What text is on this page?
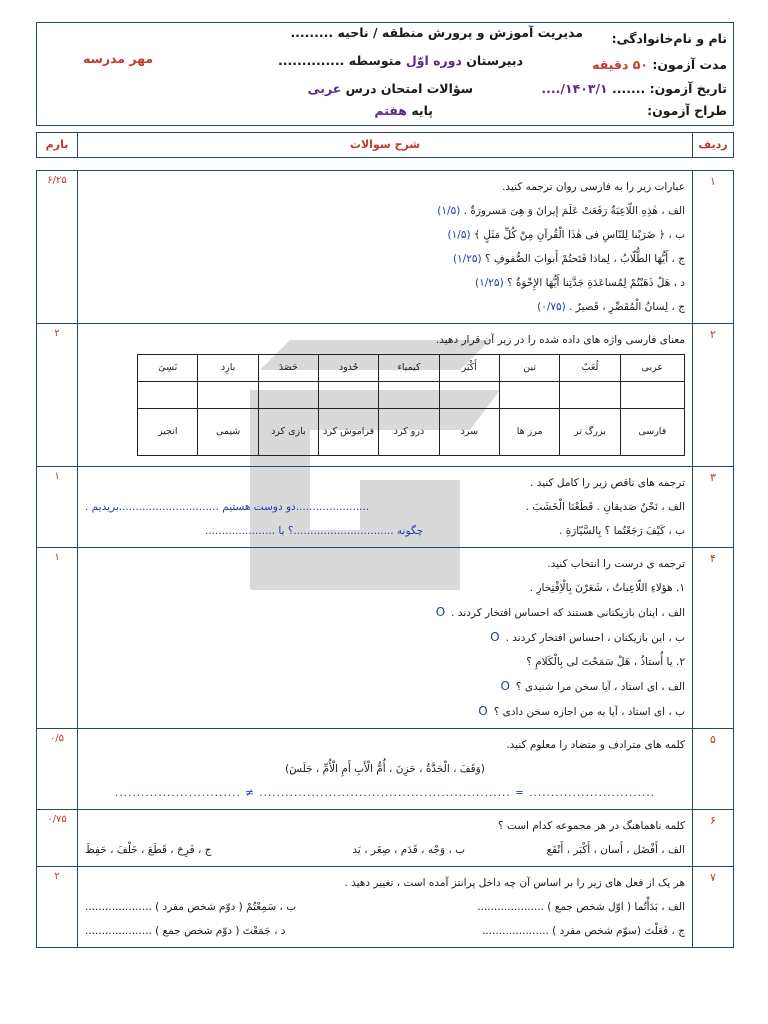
نام و نام‌خانوادگی:
مدیریت آموزش و پرورش منطقه / ناحیه .........
مدت آزمون: ۵۰ دقیقه
دبیرستان دوره اوّل متوسطه ..............
مهر مدرسه
تاریخ آزمون: ....... ۱۴۰۳/۱/....
سؤالات امتحان درس عربی
طراح آزمون:
پایه هفتم
ردیف
شرح سوالات
بارم
۱
۶/۲۵
عبارات زیر را به فارسی روان ترجمه کنید.
الف ، هٰذِهِ اللّاعِبَةُ رَفَعَتْ عَلَمَ إیرانَ وَ هِیَ مَسرورَةٌ . (۱/۵)
ب ، ﴿ ضَرَبْنا لِلنّاسِ فی هٰذَا الْقُرآنِ مِنْ کُلِّ مَثَلٍ ﴾ (۱/۵)
ج ، أَیُّهَا الطُّلّابُ ، لِماذا فَتَحتُمْ أَبوابَ الصُّفوفِ ؟ (۱/۲۵)
د ، هَلْ ذَهَبْتُمْ لِمُساعَدَةِ جَدَّتِنا أَیُّهَا الإِخْوَةُ ؟ (۱/۲۵)
ج ، لِسانُ الْمُقَصِّرِ ، قَصیرٌ . (۰/۷۵)
۲
۲
معنای فارسی واژه های داده شده را در زیر آن قرار دهید.
عربی	لُعَبٌ	تین	أَکْبَر	کیمیاء	حُدود	حَصَدَ	بارِد	نَسِیَ

فارسی	بزرگ تر	مرز ها	سرد	درو کرد	فراموش کرد	بازی کرد	شیمی	انجیر
۳
۱
ترجمه های ناقص زیر را کامل کنید .
الف ، نَحْنُ صَدیقانِ . قَطَعْنَا الْخَشَبَ .
......................دو دوست هستیم ..............................بریدیم .
ب ، کَیْفَ رَجَعْتُما ؟ بِالسَّیّارَةِ .
چگونه ..............................؟ با .....................
۴
۱
ترجمه ی درست را انتخاب کنید.
۱. هؤلاءِ اللّاعِباتُ ، شَعَرْنَ بِالْاِفْتِخارِ .
الف ، اینان بازیکنانی هستند که احساس افتخار کردند .O
ب ، این بازیکنان ، احساس افتخار کردند .O
۲. یا أُستاذُ ، هَلْ سَمَحْتَ لی بِالْکَلامِ ؟
الف ، ای استاد ، آیا سخن مرا شنیدی ؟O
ب ، ای استاد ، آیا به من اجازه سخن دادی ؟O
۵
۰/۵
کلمه های مترادف و متضاد را معلوم کنید.
(وَقَفَ ، الْجَدَّةُ ، حَزِنَ ، أُمُّ الْأَبِ أَمِ الْأُمِّ ، جَلَسَ)
............................. = .............................
............................. ≠ .............................
۶
۰/۷۵
کلمه ناهماهنگ در هر مجموعه کدام است ؟
الف ، أَفْضَل ، أَسان ، أَکْبَر ، أَنْفَع
ب ، وَجْه ، قَدَم ، صِغَر ، یَد
ج ، فَرِحَ ، قَطَعَ ، خَلْفَ ، حَفِظَ
۷
۲
هر یک از فعل های زیر را بر اساس آن چه داخل پرانتز آمده است ، تغییر دهید .
الف ، بَدَأْتُما ( اوّل شخص جمع ) ....................
ب ، سَمِعْتُمْ ( دوّم شخص مفرد ) ....................
ج ، فَعَلْتَ (سوّم شخص مفرد ) ....................
د ، جَمَعْتَ ( دوّم شخص جمع ) ....................
